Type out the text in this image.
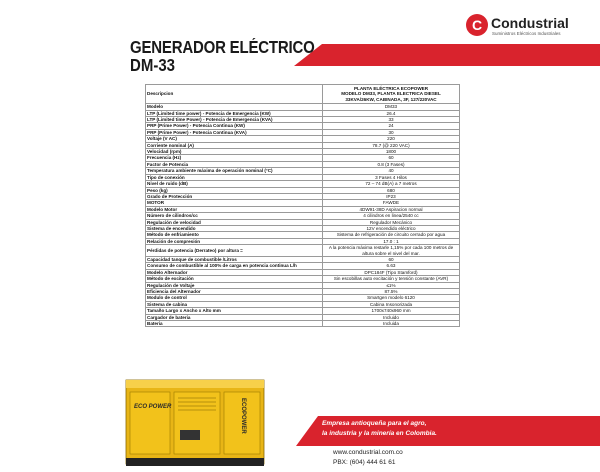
C Condustrial
Suministros Eléctricos Industriales
GENERADOR ELÉCTRICO
DM-33
Descripcion	PLANTA ELÉCTRICA ECOPOWER
MODELO DM33, PLANTA ELECTRICA DIESEL
33KVA/26KW, CABINADA, 3F, 127/220VAC

Modelo	DM33
LTP (Limited time power) - Potencia de Emergencia (KW)	26.4
LTP (Limited time Power) - Potencia de Emergencia (KVA)	33
PRP (Prime Power) - Potencia Continua (KW)	24
PRP (Prime Power) - Potencia Continua (KVA)	30
Voltaje (V AC)	220
Corriente nominal (A)	78.7 (@ 220 VAC)
Velocidad (rpm)	1800
Frecuencia (Hz)	60
Factor de Potencia	0.8 (3 Fases)
Temperatura ambiente máxima de operación nominal (°C)	40
Tipo de conexión	3 Fases 4 Hilos
Nivel de ruido (dB)	72 – 74 dB(A) a 7 metros
Peso (kg)	680
Grado de Protección	IP23
MOTOR	FAWDE
Modelo Motor	4DW91-38D Aspiracion normal
Número de cilindros/cc	4 cilindros en linea/2540 cc
Regulación de velocidad	Regulador Mecánico
Sistema de encendido	12V encendido eléctrico
Método de enfriamiento	Sistema de refrigeración de circuito cerrado por agua
Relación de compresión	17.0 : 1
Pérdidas de potencia (Derrateo) por altura =	A la potencia máxima restarle 1,15% por cada 100 metros de altura sobre el nivel del mar.
Capacidad tanque de combustible /Litros	60
Consumo de combustible al 100% de carga en potencia continua L/h	6.63
Modelo Alternador	DPC184F (Tipo Stamford)
Método de excitación	Sin escobillas auto excitación y tensión constante (AVR)
Regulación de Voltaje	≤1%
Eficiencia del Alternador	87.5%
Modulo de control	Smartgen modelo 6120
Sistema de cabina	Cabina Insonorizada
Tamaño Largo x Ancho x Alto mm	1700x740x960 mm
Cargador de bateria	Incluido
Bateria	Incluida
ECO POWER	ECOPOWER	Empresa antioqueña para el agro,
la industria y la minería en Colombia.
www.condustrial.com.co
PBX: (604) 444 61 61
